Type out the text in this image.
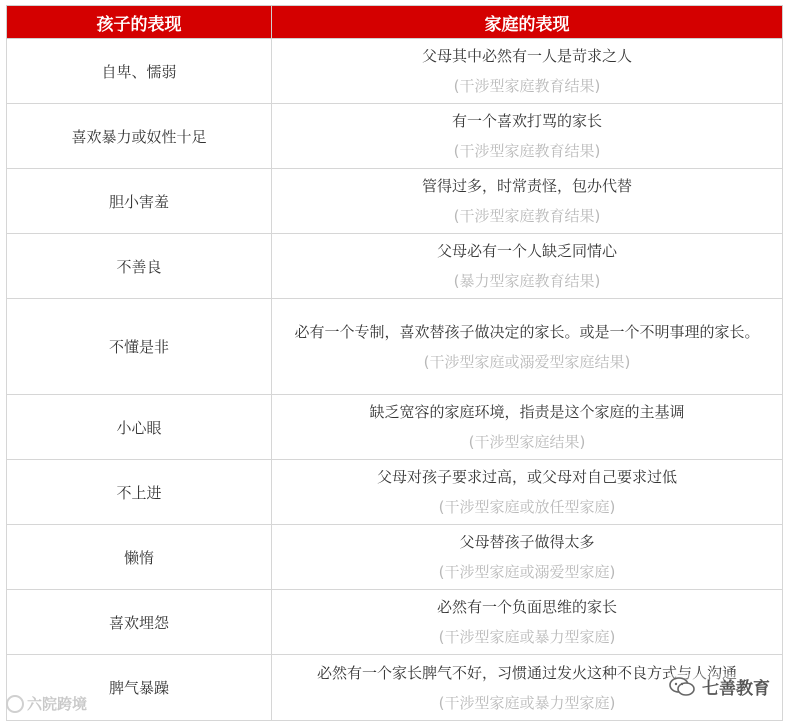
孩子的表现	家庭的表现
自卑、懦弱	父母其中必然有一人是苛求之人
(干涉型家庭教育结果)

喜欢暴力或奴性十足	有一个喜欢打骂的家长
(干涉型家庭教育结果)

胆小害羞	管得过多，时常责怪，包办代替
(干涉型家庭教育结果)

不善良	父母必有一个人缺乏同情心
(暴力型家庭教育结果)

不懂是非	必有一个专制，喜欢替孩子做决定的家长。或是一个不明事理的家长。
(干涉型家庭或溺爱型家庭结果)

小心眼	缺乏宽容的家庭环境，指责是这个家庭的主基调
(干涉型家庭结果)

不上进	父母对孩子要求过高，或父母对自己要求过低
(干涉型家庭或放任型家庭)

懒惰	父母替孩子做得太多
(干涉型家庭或溺爱型家庭)

喜欢埋怨	必然有一个负面思维的家长
(干涉型家庭或暴力型家庭)

脾气暴躁	必然有一个家长脾气不好，习惯通过发火这种不良方式与人沟通
(干涉型家庭或暴力型家庭)
六院跨境
七善教育
